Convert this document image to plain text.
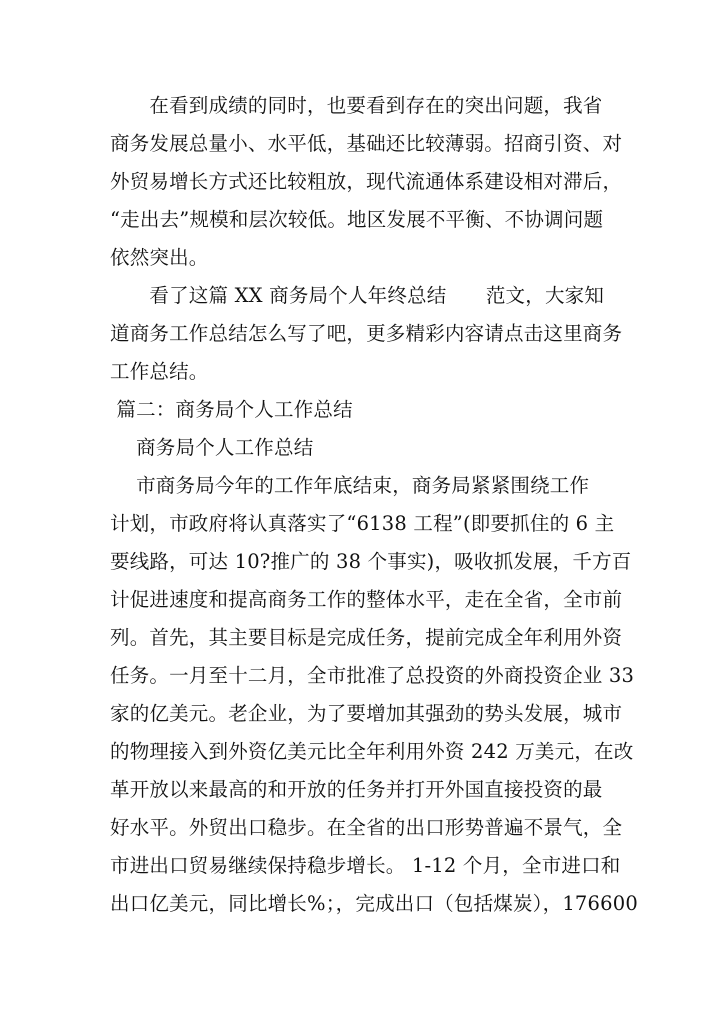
　　在看到成绩的同时，也要看到存在的突出问题，我省
商务发展总量小、水平低，基础还比较薄弱。招商引资、对
外贸易增长方式还比较粗放，现代流通体系建设相对滞后，
“走出去”规模和层次较低。地区发展不平衡、不协调问题
依然突出。
　　看了这篇 XX 商务局个人年终总结　　范文，大家知
道商务工作总结怎么写了吧，更多精彩内容请点击这里商务
工作总结。
篇二：商务局个人工作总结
　 商务局个人工作总结
　 市商务局今年的工作年底结束，商务局紧紧围绕工作
计划，市政府将认真落实了“6138 工程”(即要抓住的 6 主
要线路，可达 10?推广的 38 个事实)，吸收抓发展，千方百
计促进速度和提高商务工作的整体水平，走在全省，全市前
列。首先，其主要目标是完成任务，提前完成全年利用外资
任务。一月至十二月，全市批准了总投资的外商投资企业 33
家的亿美元。老企业，为了要增加其强劲的势头发展，城市
的物理接入到外资亿美元比全年利用外资 242 万美元，在改
革开放以来最高的和开放的任务并打开外国直接投资的最
好水平。外贸出口稳步。在全省的出口形势普遍不景气，全
市进出口贸易继续保持稳步增长。 1-12 个月，全市进口和
出口亿美元，同比增长%；，完成出口（包括煤炭），176600
